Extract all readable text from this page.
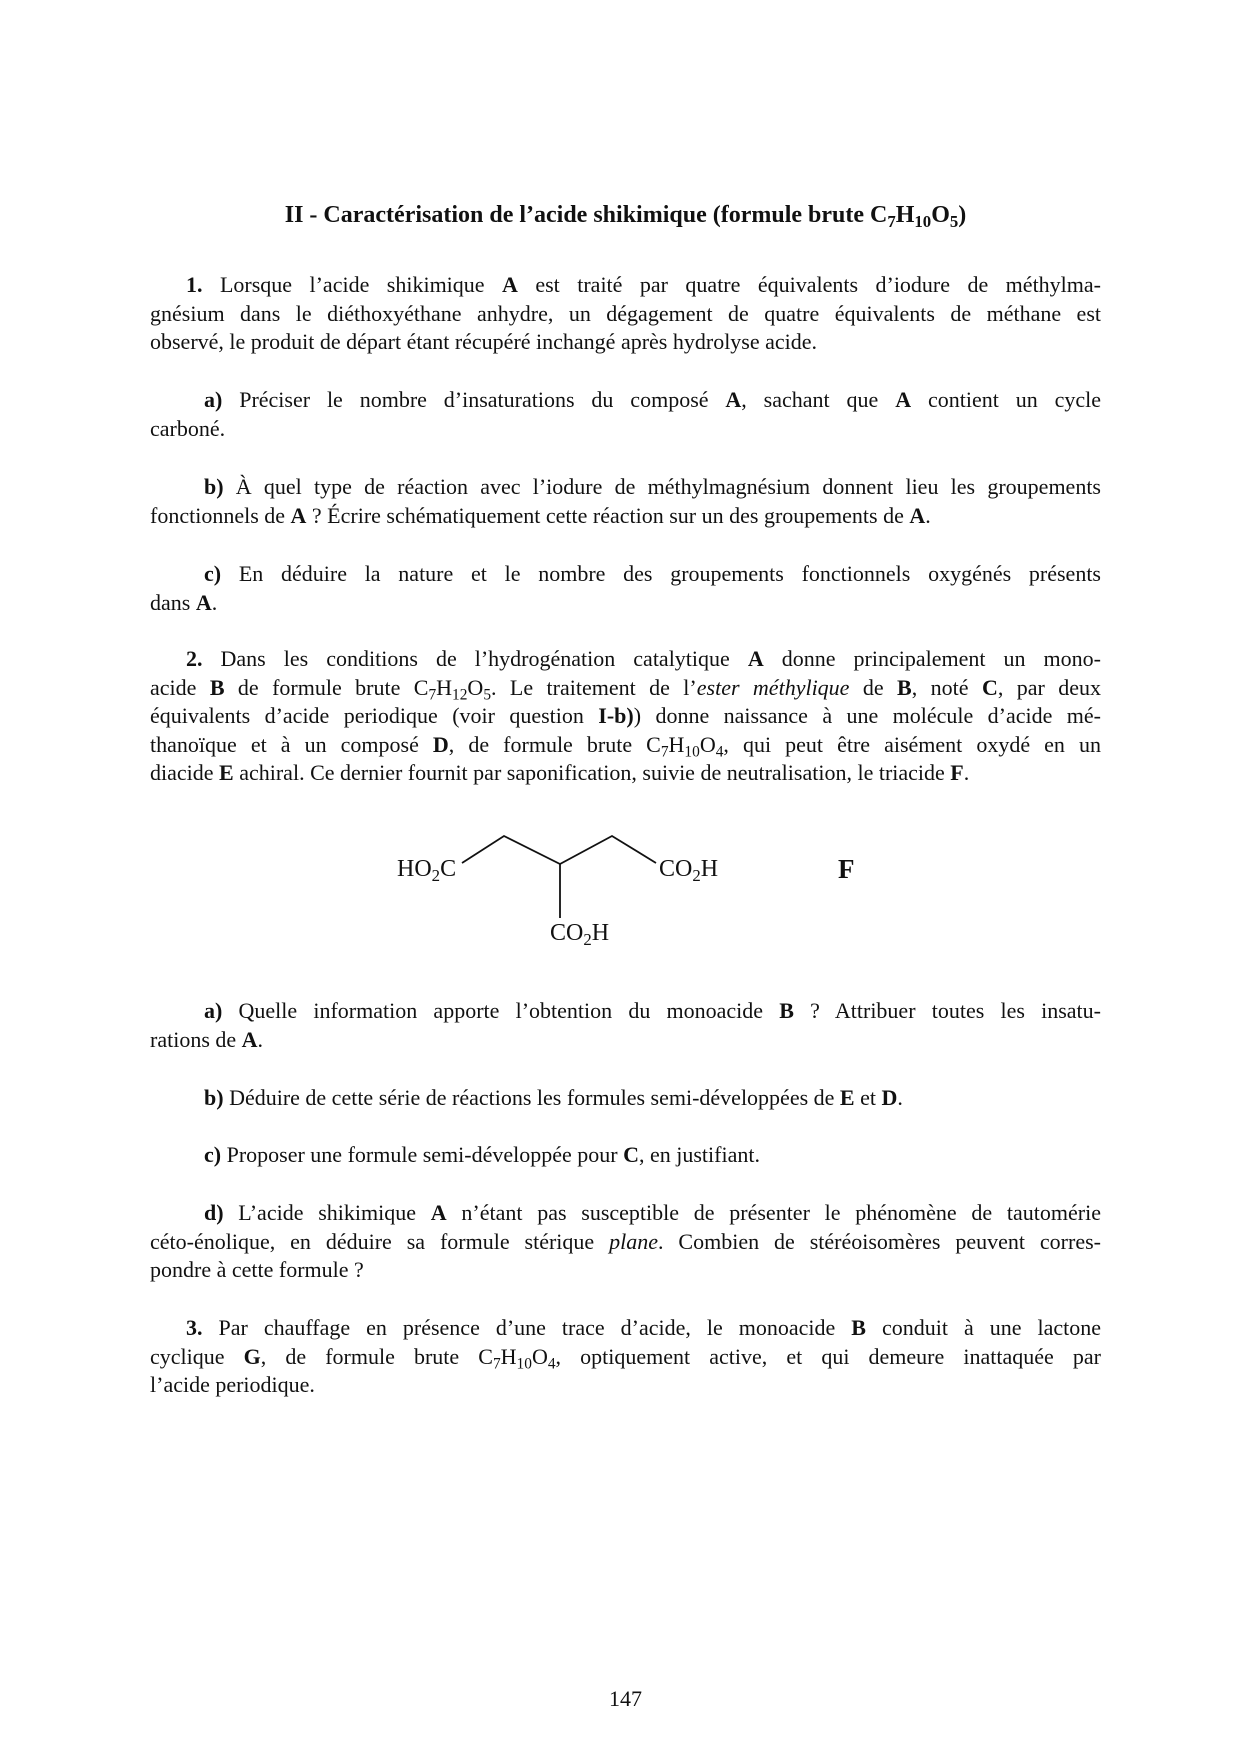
II - Caractérisation de l’acide shikimique (formule brute $C_7H_{10}O_5$)
1. Lorsque l’acide shikimique A est traité par quatre équivalents d’iodure de méthylma-
gnésium dans le diéthoxyéthane anhydre, un dégagement de quatre équivalents de méthane est
observé, le produit de départ étant récupéré inchangé après hydrolyse acide.
a) Préciser le nombre d’insaturations du composé A, sachant que A contient un cycle
carboné.
b) À quel type de réaction avec l’iodure de méthylmagnésium donnent lieu les groupements
fonctionnels de A ? Écrire schématiquement cette réaction sur un des groupements de A.
c) En déduire la nature et le nombre des groupements fonctionnels oxygénés présents
dans A.
2. Dans les conditions de l’hydrogénation catalytique A donne principalement un mono-
acide B de formule brute $C_7H_{12}O_5$. Le traitement de l’ester méthylique de B, noté C, par deux
équivalents d’acide periodique (voir question I-b)) donne naissance à une molécule d’acide mé-
thanoïque et à un composé D, de formule brute $C_7H_{10}O_4$, qui peut être aisément oxydé en un
diacide E achiral. Ce dernier fournit par saponification, suivie de neutralisation, le triacide F.
$HO_2C$	$CO_2H$
$CO_2H$
F
a) Quelle information apporte l’obtention du monoacide B ? Attribuer toutes les insatu-
rations de A.
b) Déduire de cette série de réactions les formules semi-développées de E et D.
c) Proposer une formule semi-développée pour C, en justifiant.
d) L’acide shikimique A n’étant pas susceptible de présenter le phénomène de tautomérie
céto-énolique, en déduire sa formule stérique plane. Combien de stéréoisomères peuvent corres-
pondre à cette formule ?
3. Par chauffage en présence d’une trace d’acide, le monoacide B conduit à une lactone
cyclique G, de formule brute $C_7H_{10}O_4$, optiquement active, et qui demeure inattaquée par
l’acide periodique.
147
